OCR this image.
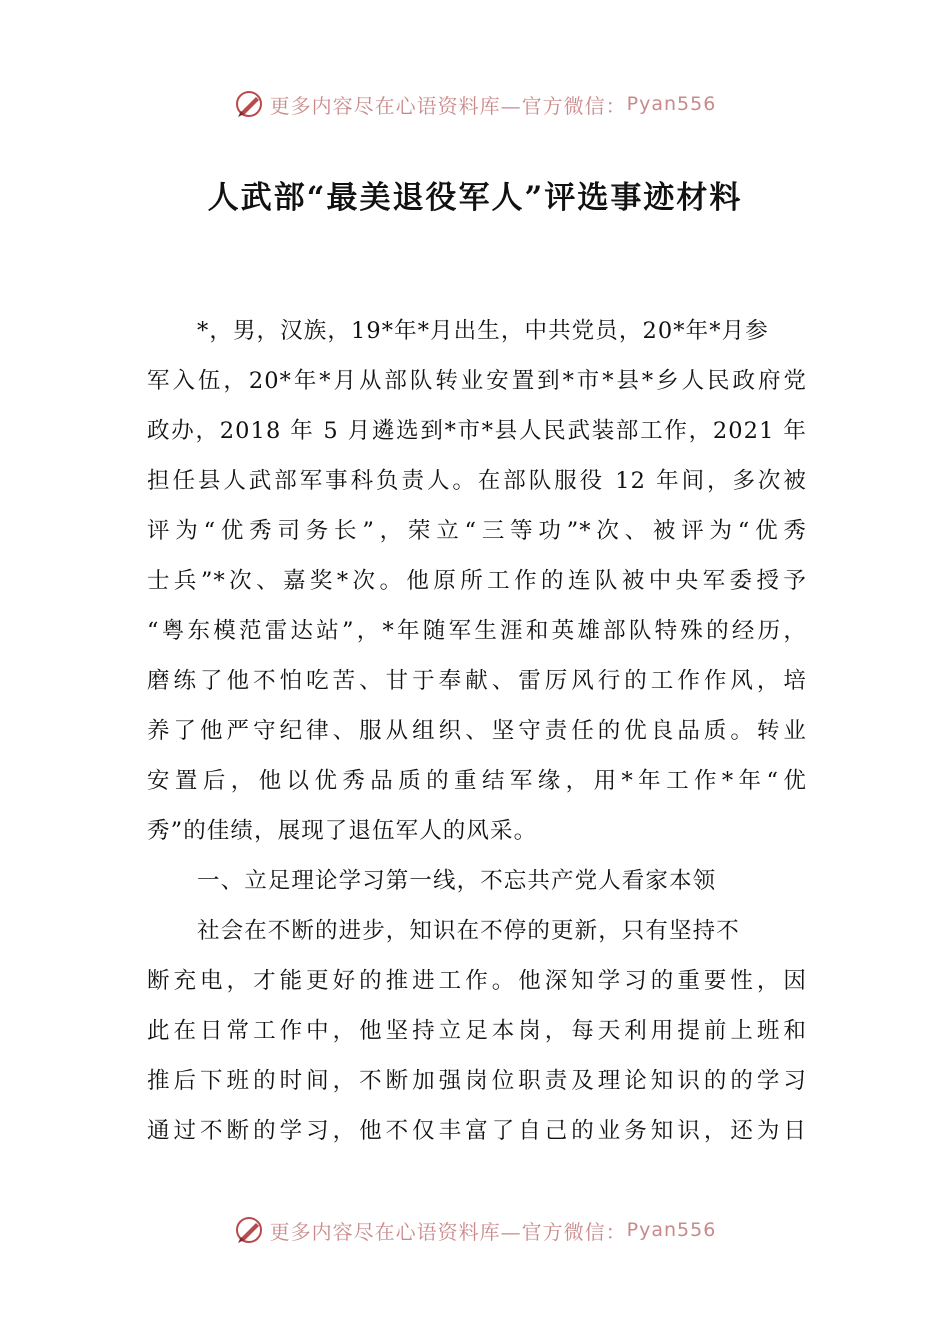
更多内容尽在心语资料库—官方微信： Pyan556
人武部“最美退役军人”评选事迹材料
*，男，汉族，19*年*月出生，中共党员，20*年*月参
军入伍，20*年*月从部队转业安置到*市*县*乡人民政府党
政办，2018 年 5 月遴选到*市*县人民武装部工作，2021 年
担任县人武部军事科负责人。在部队服役 12 年间，多次被
评为“优秀司务长”，荣立“三等功”*次、被评为“优秀
士兵”*次、嘉奖*次。他原所工作的连队被中央军委授予
“粤东模范雷达站”，*年随军生涯和英雄部队特殊的经历，
磨练了他不怕吃苦、甘于奉献、雷厉风行的工作作风，培
养了他严守纪律、服从组织、坚守责任的优良品质。转业
安置后，他以优秀品质的重结军缘，用*年工作*年“优
秀”的佳绩，展现了退伍军人的风采。
一、立足理论学习第一线，不忘共产党人看家本领
社会在不断的进步，知识在不停的更新，只有坚持不
断充电，才能更好的推进工作。他深知学习的重要性，因
此在日常工作中，他坚持立足本岗，每天利用提前上班和
推后下班的时间，不断加强岗位职责及理论知识的的学习
通过不断的学习，他不仅丰富了自己的业务知识，还为日
更多内容尽在心语资料库—官方微信： Pyan556
